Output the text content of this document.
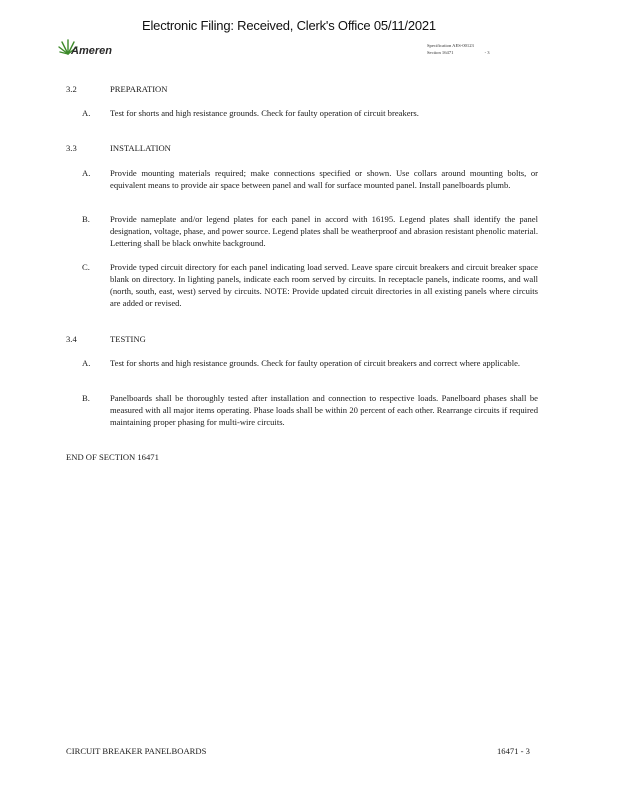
Electronic Filing: Received, Clerk's Office 05/11/2021
Ameren	Specification AES-00123
Section 16471	- 3
3.2	PREPARATION
A. Test for shorts and high resistance grounds. Check for faulty operation of circuit breakers.
3.3	INSTALLATION
A. Provide mounting materials required; make connections specified or shown. Use collars around mounting bolts, or equivalent means to provide air space between panel and wall for surface mounted panel. Install panelboards plumb.
B. Provide nameplate and/or legend plates for each panel in accord with 16195. Legend plates shall identify the panel designation, voltage, phase, and power source. Legend plates shall be weatherproof and abrasion resistant phenolic material. Lettering shall be black onwhite background.
C. Provide typed circuit directory for each panel indicating load served. Leave spare circuit breakers and circuit breaker space blank on directory. In lighting panels, indicate each room served by circuits. In receptacle panels, indicate rooms, and wall (north, south, east, west) served by circuits. NOTE: Provide updated circuit directories in all existing panels where circuits are added or revised.
3.4	TESTING
A. Test for shorts and high resistance grounds. Check for faulty operation of circuit breakers and correct where applicable.
B. Panelboards shall be thoroughly tested after installation and connection to respective loads. Panelboard phases shall be measured with all major items operating. Phase loads shall be within 20 percent of each other. Rearrange circuits if required maintaining proper phasing for multi-wire circuits.
END OF SECTION 16471
CIRCUIT BREAKER PANELBOARDS	16471 - 3
